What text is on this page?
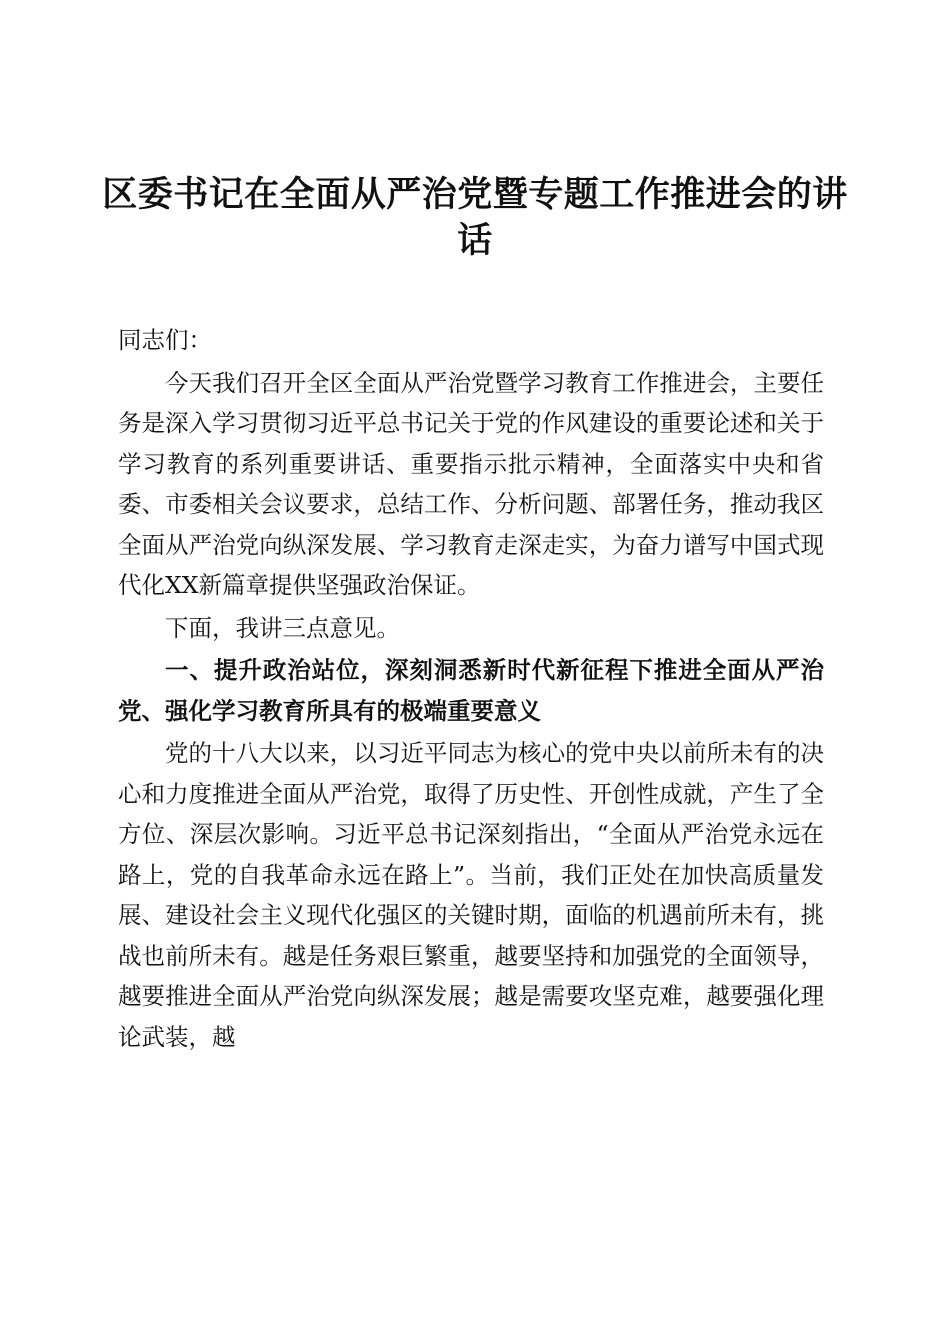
区委书记在全面从严治党暨专题工作推进会的讲话

同志们：

今天我们召开全区全面从严治党暨学习教育工作推进会，主要任务是深入学习贯彻习近平总书记关于党的作风建设的重要论述和关于学习教育的系列重要讲话、重要指示批示精神，全面落实中央和省委、市委相关会议要求，总结工作、分析问题、部署任务，推动我区全面从严治党向纵深发展、学习教育走深走实，为奋力谱写中国式现代化XX新篇章提供坚强政治保证。

下面，我讲三点意见。

一、提升政治站位，深刻洞悉新时代新征程下推进全面从严治党、强化学习教育所具有的极端重要意义

党的十八大以来，以习近平同志为核心的党中央以前所未有的决心和力度推进全面从严治党，取得了历史性、开创性成就，产生了全方位、深层次影响。习近平总书记深刻指出，“全面从严治党永远在路上，党的自我革命永远在路上”。当前，我们正处在加快高质量发展、建设社会主义现代化强区的关键时期，面临的机遇前所未有，挑战也前所未有。越是任务艰巨繁重，越要坚持和加强党的全面领导，越要推进全面从严治党向纵深发展；越是需要攻坚克难，越要强化理论武装，越
